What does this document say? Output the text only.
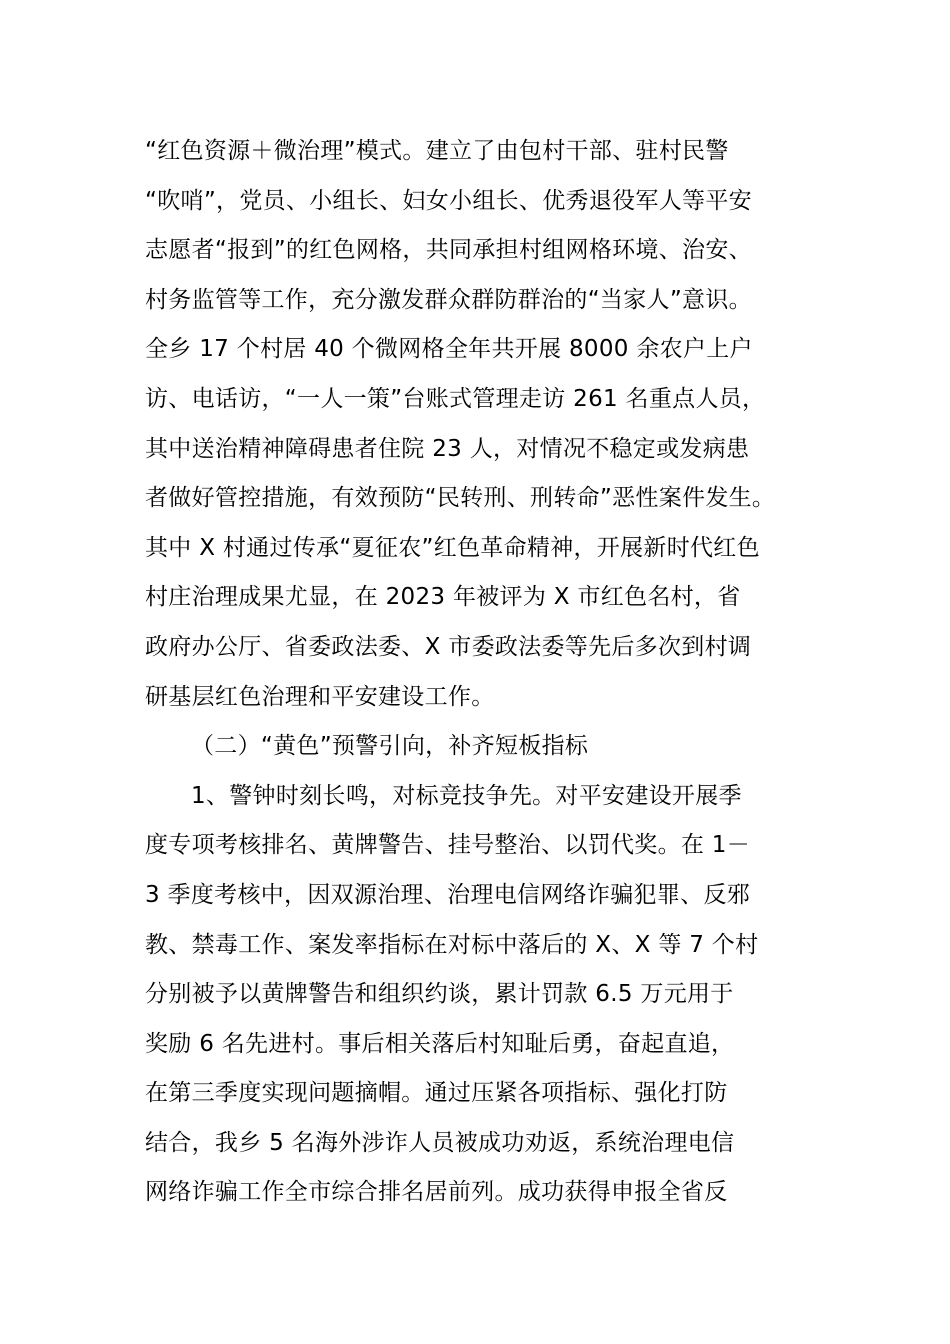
“红色资源＋微治理”模式。建立了由包村干部、驻村民警
“吹哨”，党员、小组长、妇女小组长、优秀退役军人等平安
志愿者“报到”的红色网格，共同承担村组网格环境、治安、
村务监管等工作，充分激发群众群防群治的“当家人”意识。
全乡 17 个村居 40 个微网格全年共开展 8000 余农户上户
访、电话访，“一人一策”台账式管理走访 261 名重点人员，
其中送治精神障碍患者住院 23 人，对情况不稳定或发病患
者做好管控措施，有效预防“民转刑、刑转命”恶性案件发生。
其中 X 村通过传承“夏征农”红色革命精神，开展新时代红色
村庄治理成果尤显，在 2023 年被评为 X 市红色名村，省
政府办公厅、省委政法委、X 市委政法委等先后多次到村调
研基层红色治理和平安建设工作。
（二）“黄色”预警引向，补齐短板指标
1、警钟时刻长鸣，对标竞技争先。对平安建设开展季
度专项考核排名、黄牌警告、挂号整治、以罚代奖。在 1－
3 季度考核中，因双源治理、治理电信网络诈骗犯罪、反邪
教、禁毒工作、案发率指标在对标中落后的 X、X 等 7 个村
分别被予以黄牌警告和组织约谈，累计罚款 6.5 万元用于
奖励 6 名先进村。事后相关落后村知耻后勇，奋起直追，
在第三季度实现问题摘帽。通过压紧各项指标、强化打防
结合，我乡 5 名海外涉诈人员被成功劝返，系统治理电信
网络诈骗工作全市综合排名居前列。成功获得申报全省反
